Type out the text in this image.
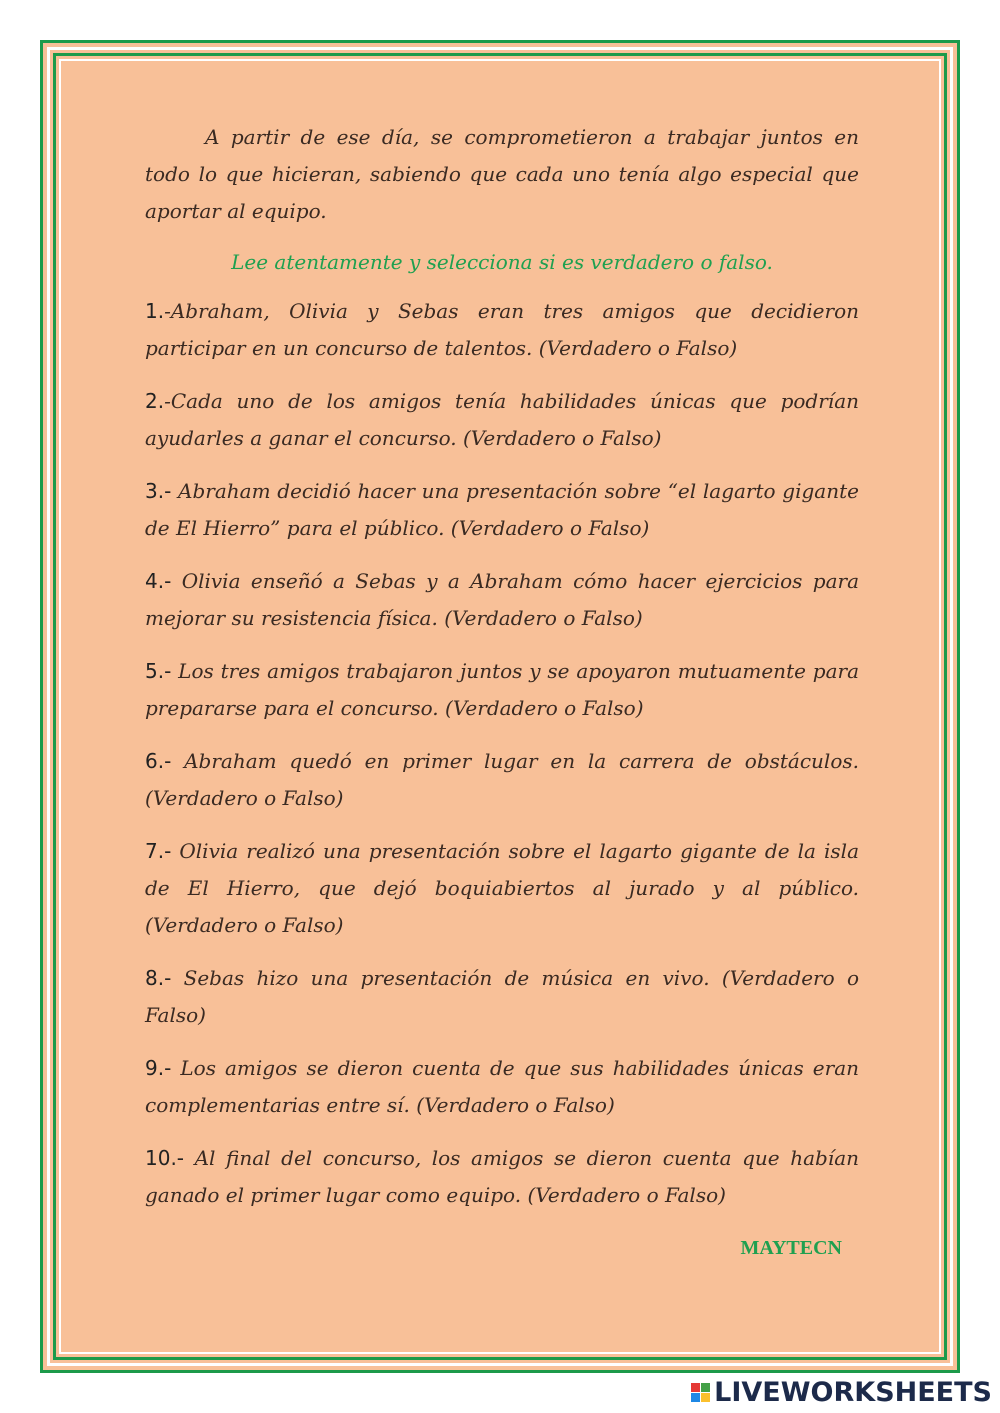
A partir de ese día, se comprometieron a trabajar juntos en todo lo que hicieran, sabiendo que cada uno tenía algo especial que aportar al equipo.

Lee atentamente y selecciona si es verdadero o falso.

1.-Abraham, Olivia y Sebas eran tres amigos que decidieron participar en un concurso de talentos. (Verdadero o Falso)

2.-Cada uno de los amigos tenía habilidades únicas que podrían ayudarles a ganar el concurso. (Verdadero o Falso)

3.- Abraham decidió hacer una presentación sobre “el lagarto gigante de El Hierro” para el público. (Verdadero o Falso)

4.- Olivia enseñó a Sebas y a Abraham cómo hacer ejercicios para mejorar su resistencia física. (Verdadero o Falso)

5.- Los tres amigos trabajaron juntos y se apoyaron mutuamente para prepararse para el concurso. (Verdadero o Falso)

6.- Abraham quedó en primer lugar en la carrera de obstáculos. (Verdadero o Falso)

7.- Olivia realizó una presentación sobre el lagarto gigante de la isla de El Hierro, que dejó boquiabiertos al jurado y al público. (Verdadero o Falso)

8.- Sebas hizo una presentación de música en vivo. (Verdadero o Falso)

9.- Los amigos se dieron cuenta de que sus habilidades únicas eran complementarias entre sí. (Verdadero o Falso)

10.- Al final del concurso, los amigos se dieron cuenta que habían ganado el primer lugar como equipo. (Verdadero o Falso)

MAYTECN
LIVEWORKSHEETS
